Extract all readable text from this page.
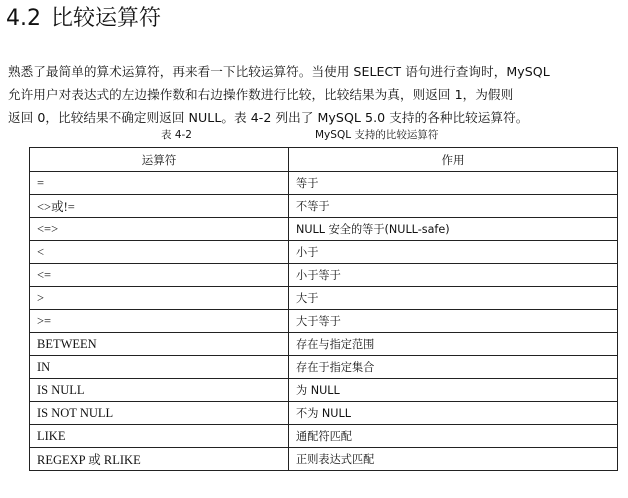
4.2 比较运算符

熟悉了最简单的算术运算符，再来看一下比较运算符。当使用 SELECT 语句进行查询时，MySQL
允许用户对表达式的左边操作数和右边操作数进行比较，比较结果为真，则返回 1，为假则
返回 0，比较结果不确定则返回 NULL。表 4-2 列出了 MySQL 5.0 支持的各种比较运算符。

表 4-2	MySQL 支持的比较运算符
运算符	作用
=	等于
<>或!=	不等于
<=>	NULL 安全的等于(NULL-safe)
<	小于
<=	小于等于
>	大于
>=	大于等于
BETWEEN	存在与指定范围
IN	存在于指定集合
IS NULL	为 NULL
IS NOT NULL	不为 NULL
LIKE	通配符匹配
REGEXP 或 RLIKE	正则表达式匹配
